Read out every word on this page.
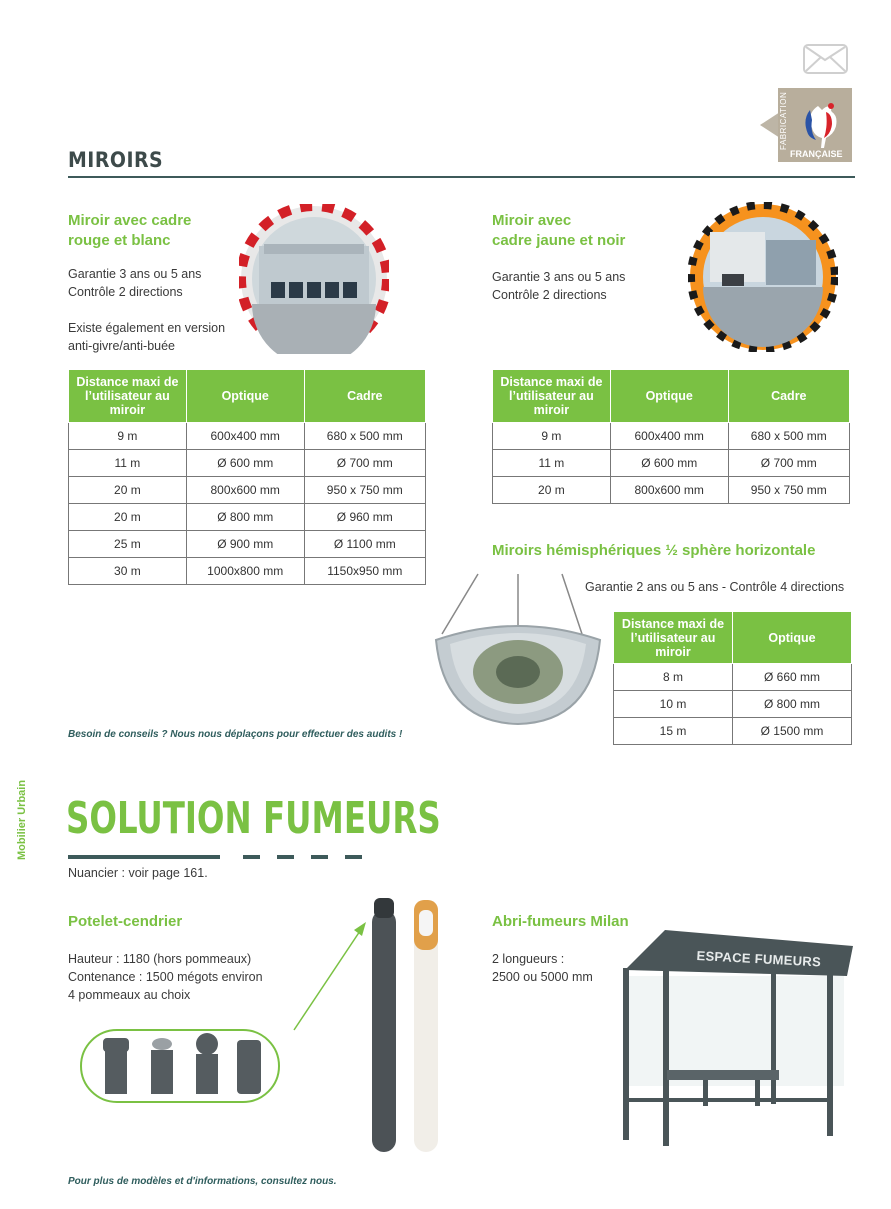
FABRICATION
FRANÇAISE
MIROIRS
Miroir avec cadre
rouge et blanc
Garantie 3 ans ou 5 ans
Contrôle 2 directions
Existe également en version
anti-givre/anti-buée
Distance maxi de l’utilisateur au miroir	Optique	Cadre
9 m	600x400 mm	680 x 500 mm
11 m	Ø 600 mm	Ø 700 mm
20 m	800x600 mm	950 x 750 mm
20 m	Ø 800 mm	Ø 960 mm
25 m	Ø 900 mm	Ø 1100 mm
30 m	1000x800 mm	1150x950 mm
Miroir avec
cadre jaune et noir
Garantie 3 ans ou 5 ans
Contrôle 2 directions
Distance maxi de l’utilisateur au miroir	Optique	Cadre
9 m	600x400 mm	680 x 500 mm
11 m	Ø 600 mm	Ø 700 mm
20 m	800x600 mm	950 x 750 mm
Miroirs hémisphériques ½ sphère horizontale
Garantie 2 ans ou 5 ans - Contrôle 4 directions
Distance maxi de l’utilisateur au miroir	Optique
8 m	Ø 660 mm
10 m	Ø 800 mm
15 m	Ø 1500 mm
Besoin de conseils ? Nous nous déplaçons pour effectuer des audits !
Mobilier Urbain SOLUTION FUMEURS
Nuancier : voir page 161.
Potelet-cendrier
Hauteur : 1180 (hors pommeaux)
Contenance : 1500 mégots environ
4 pommeaux au choix
Abri-fumeurs Milan
2 longueurs :
2500 ou 5000 mm
ESPACE FUMEURS
Pour plus de modèles et d'informations, consultez nous.
